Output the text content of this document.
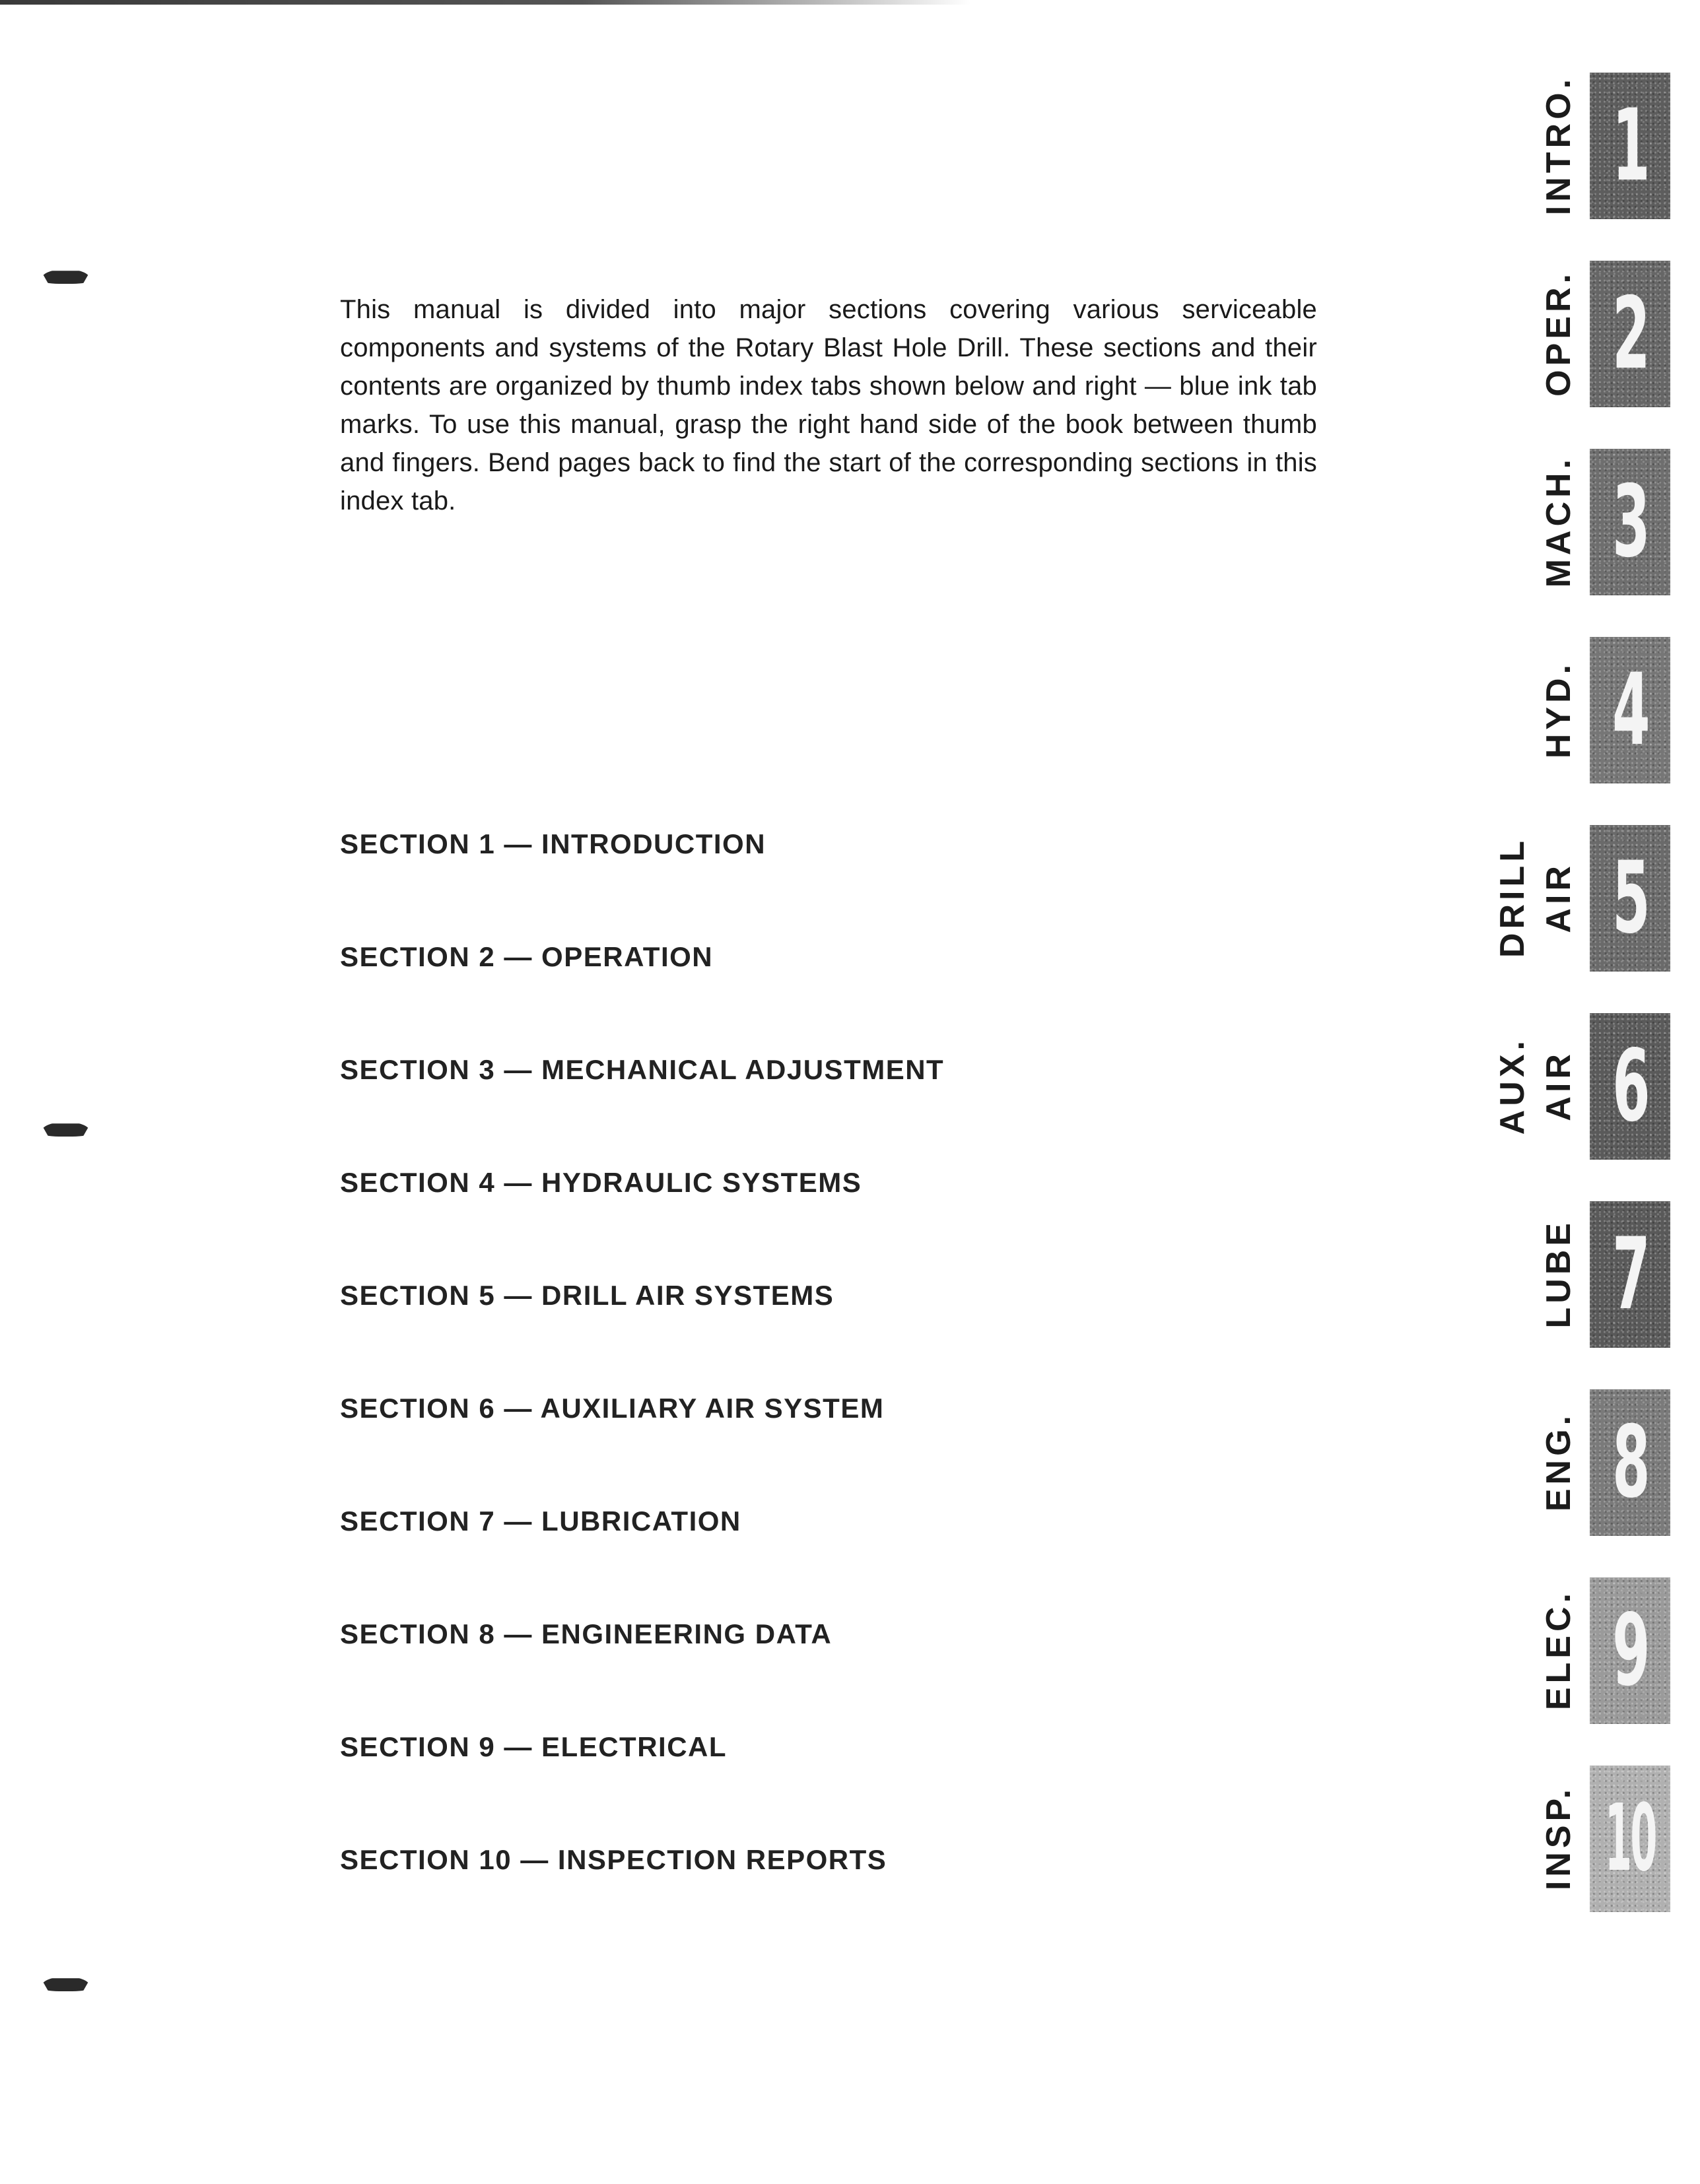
This manual is divided into major sections covering various serviceable components and systems of the Rotary Blast Hole Drill. These sections and their contents are organized by thumb index tabs shown below and right — blue ink tab marks. To use this manual, grasp the right hand side of the book between thumb and fingers. Bend pages back to find the start of the corresponding sections in this index tab.

SECTION 1 — INTRODUCTION
SECTION 2 — OPERATION
SECTION 3 — MECHANICAL ADJUSTMENT
SECTION 4 — HYDRAULIC SYSTEMS
SECTION 5 — DRILL AIR SYSTEMS
SECTION 6 — AUXILIARY AIR SYSTEM
SECTION 7 — LUBRICATION
SECTION 8 — ENGINEERING DATA
SECTION 9 — ELECTRICAL
SECTION 10 — INSPECTION REPORTS
INTRO. 1
OPER. 2
MACH. 3
HYD. 4
DRILL AIR 5
AUX. AIR 6
LUBE 7
ENG. 8
ELEC. 9
INSP. 10
